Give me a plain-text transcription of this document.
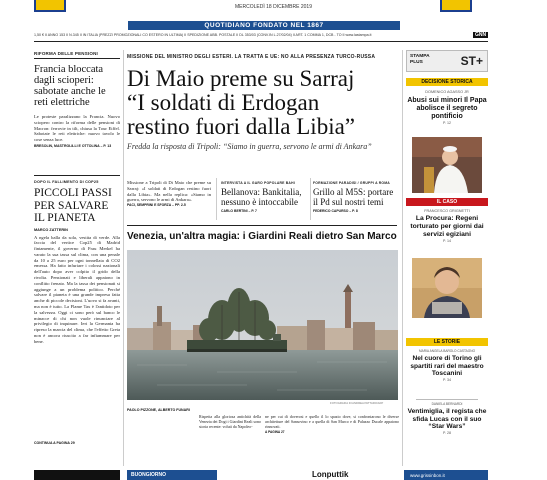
MERCOLEDÌ 18 DICEMBRE 2019
QUOTIDIANO FONDATO NEL 1867
1,50 € II ANNO 153 II N.345 II IN ITALIA (PREZZI PROMOZIONALI CO ESTERO IN ULTIMA) II SPEDIZIONE ABB. POSTALE II DL 353/03 (CONV.IN L.27/02/04) II ART. 1 COMMA 1, DCB - TO II www.lastampa.it	GNN
RIFORMA DELLE PENSIONI
Francia bloccata dagli scioperi: sabotate anche le reti elettriche
Le proteste paralizzano la Francia. Nuovo sciopero contro la riforma delle pensioni di Macron: ferrovie in tilt, chiusa la Tour Eiffel. Sabotate le reti elettriche: nuovo tavolo le cose senza luce.
BRESOLIN, MASTROLILLI E OTTOLINA – P. 13
DOPO IL FALLIMENTO DI COP25
PICCOLI PASSI PER SALVARE IL PIANETA
MARCO ZATTERIN
A ngela balla da sola, vestita di verde. Alla faccia del vertice Cop25 di Madrid fintamente, il governo di Frau Merkel ha varato la sua tassa sul clima, con una penale da 10 a 25 euro per ogni tonnellata di CO2 emessa. Ha fatto infuriare i colossi nazionali dell'auto dopo aver colpito il grido della rivolta. Pensionati e liberali appaiono in conflitto frenato. Ma la tassa dei pensionati si aggiunge a un problema politico. Perché salvare il pianeta è una grande impresa fatta anche di piccole decisioni. L'uovo si fa avanti, ma non è tutto. La Flame Tax è l'antidoto per la salvezza. Oggi ci sono però sul banco le minacce di chi non vuole rinunciare al privilegio di inquinare. Ieri la Germania ha ripreso la marcia del clima, che l'effetto Greta non è ancora riuscito a far infiammare per bene.
CONTINUA A PAGINA 29
MISSIONE DEL MINISTRO DEGLI ESTERI. LA TRATTA E UE: NO ALLA PRESENZA TURCO-RUSSA
Di Maio preme su Sarraj
“I soldati di Erdogan
restino fuori dalla Libia”
Fredda la risposta di Tripoli: “Siamo in guerra, servono le armi di Ankara”
Missione a Tripoli di Di Maio che preme su Sarraj: «I soldati di Erdogan restino fuori dalla Libia». Ma nella replica: «Siamo in guerra, servono le armi di Ankara».
PACI, SEMPRINI E SFORZA – PP. 2-5
INTERVISTA A IL GARO POPOLARE BAHI
Bellanova: Bankitalia, nessuno è intoccabile
CARLO BERTINI – P. 7
FORMAZIONE PARADISI / GRUPPI A ROMA
Grillo al M5S: portare il Pd sul nostri temi
FEDERICO CAPURSO – P. 8
Venezia, un'altra magia: i Giardini Reali dietro San Marco
FOTOGRAFIA DI ANDREA PATTARO/AFP
PAOLO PIZZONE, ALBERTO FUNARI
Rispetta alla gloriosa antichità della Venezia dei Dogi i Giardini Reali sono storia recente: voluti da Napoleo-
ne per cui di doverosi e quello il lo spazio dove, si confrontarono le diverse architetture del Sansovino e a quella di San Marco e di Palazzo Ducale appaiono rinnovati.
A PAGINA 27
STAMPA PLUS	ST+
DECISIONE STORICA
DOMENICO AGASSO JR
Abusi sui minori Il Papa abolisce il segreto pontificio
P. 12
IL CASO
FRANCESCO GRIGNETTI
La Procura: Regeni torturato per giorni dai servizi egiziani
P. 14
LE STORIE
MARIA ANGELA BAROLO CASTAGNO
Nel cuore di Torino gli spartiti rari del maestro Toscanini
P. 34
DANIELA BERNARDI
Ventimiglia, il regista che sfida Lucas con il suo “Star Wars”
P. 28
BUONGIORNO	Lonputtik	www.grissinbon.it
